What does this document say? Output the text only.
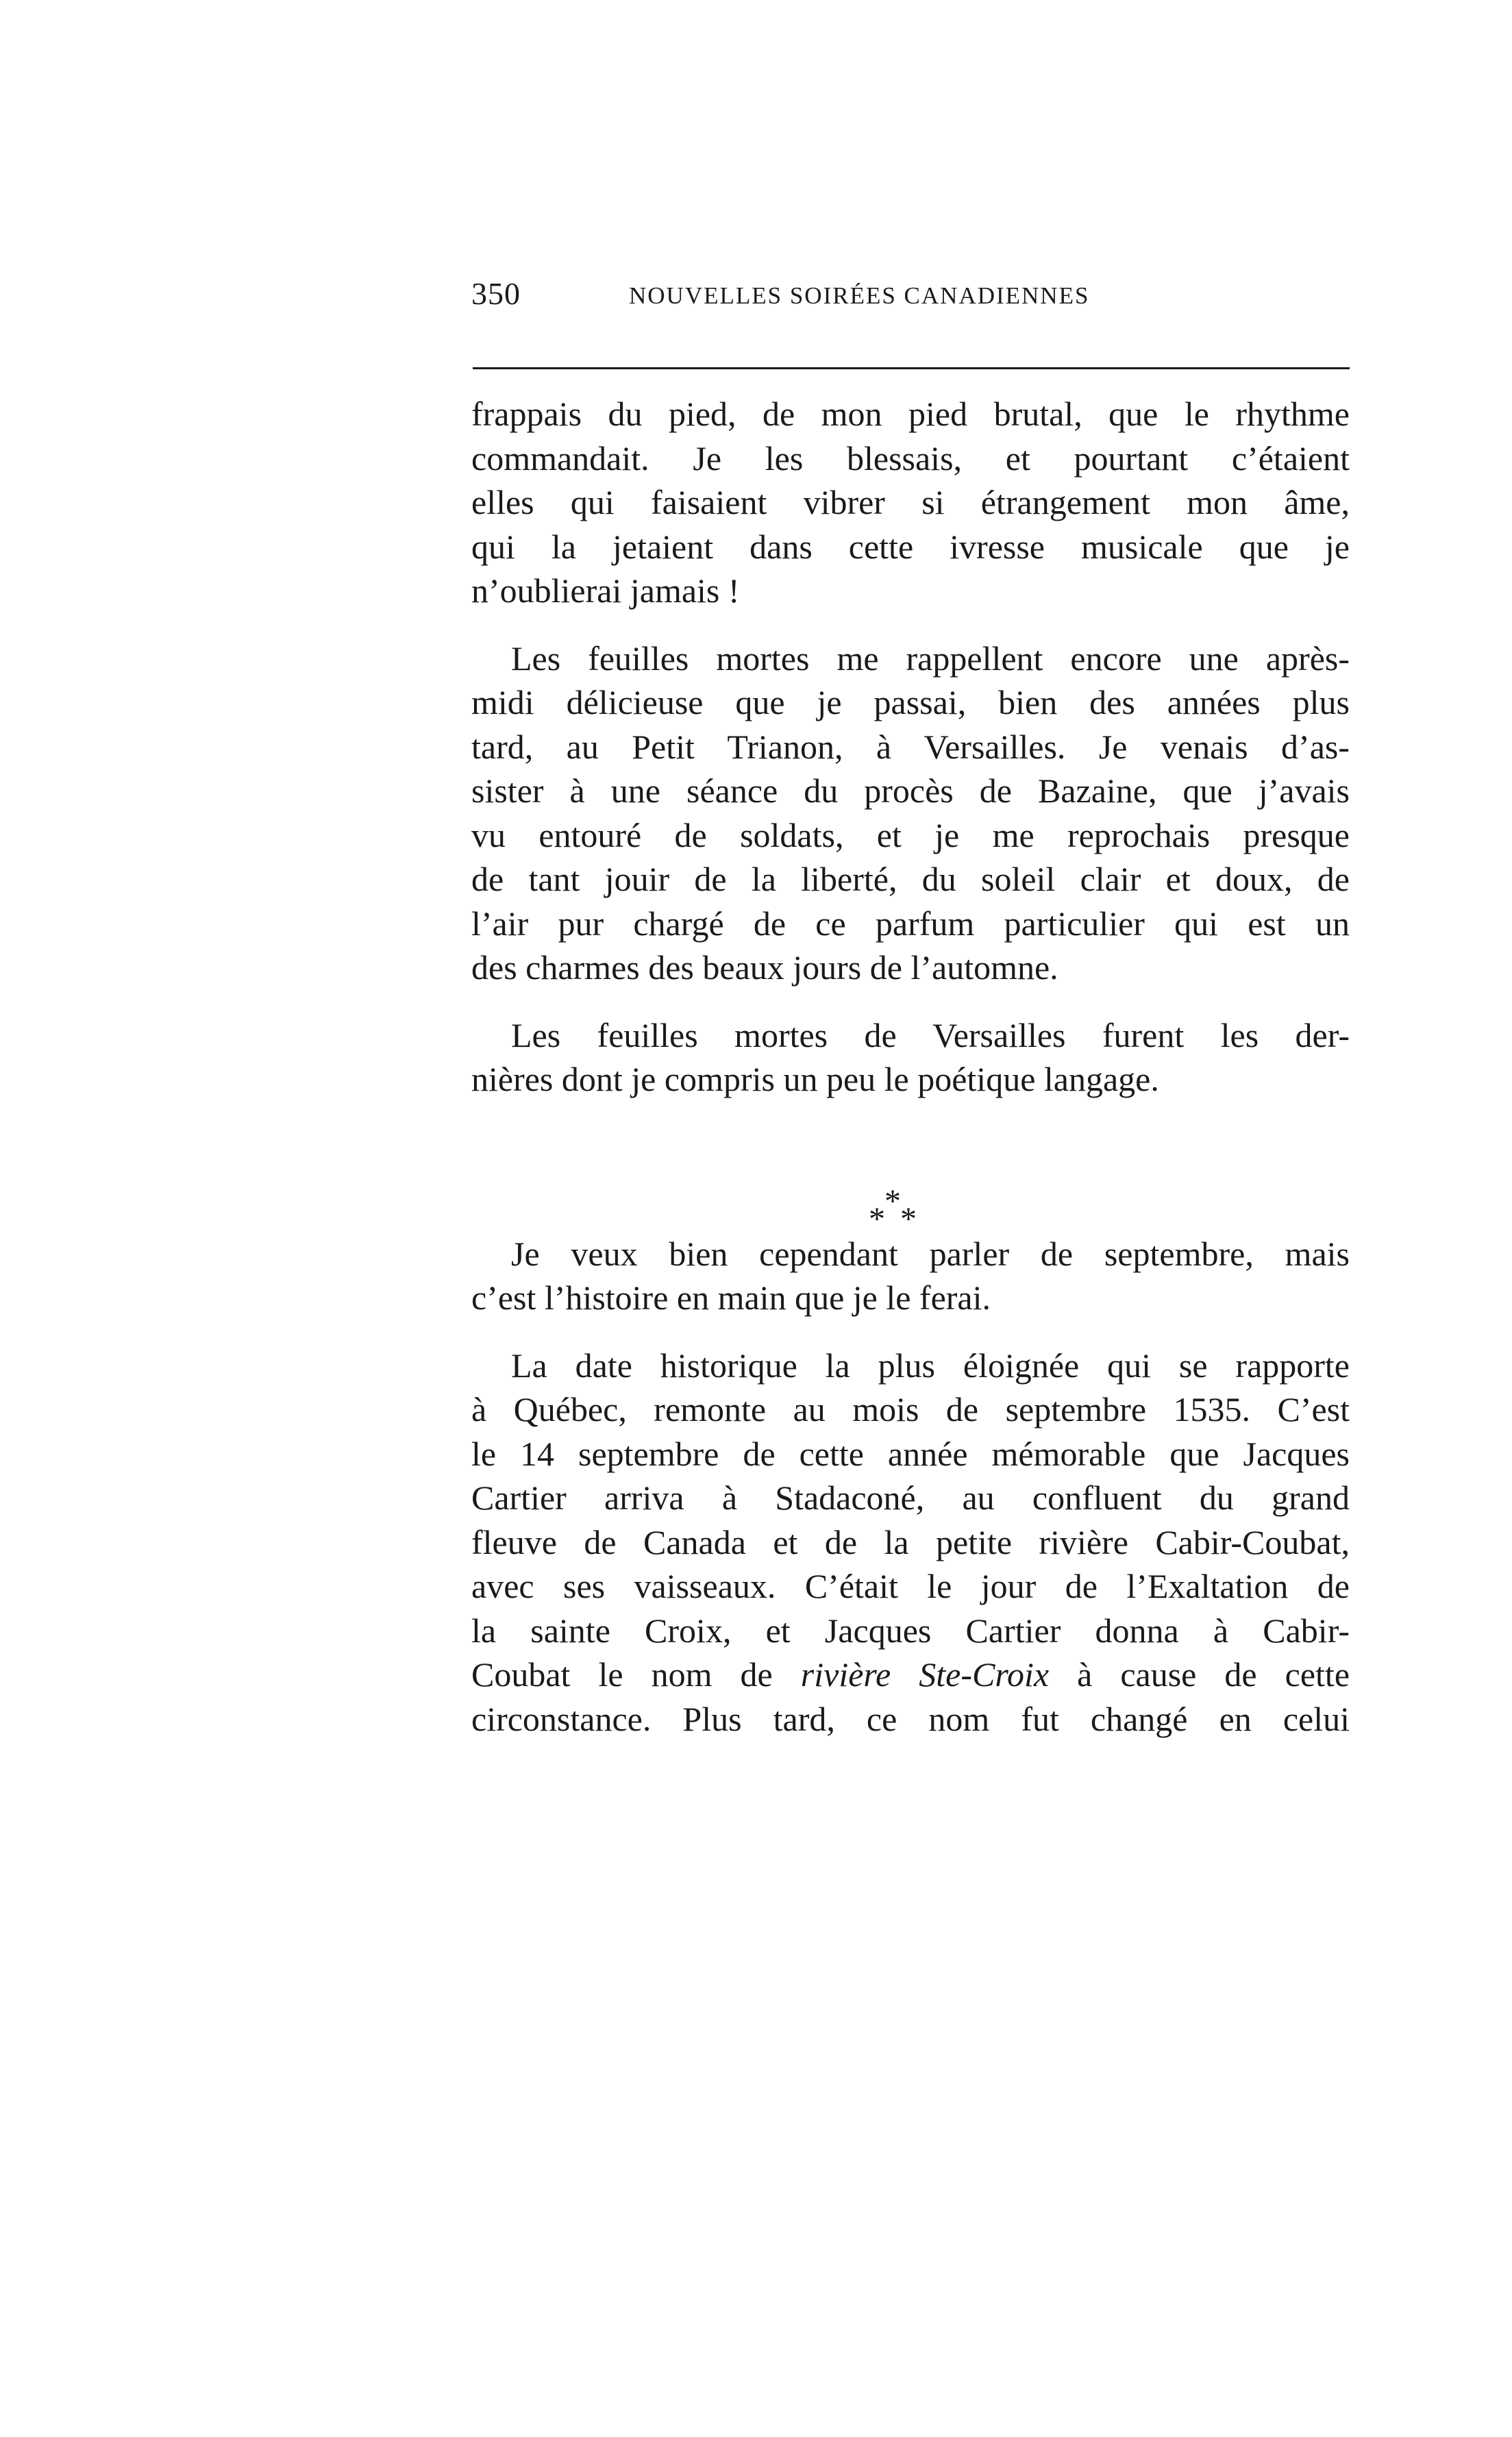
350	NOUVELLES SOIRÉES CANADIENNES

frappais du pied, de mon pied brutal, que le rhythme
commandait. Je les blessais, et pourtant c’étaient
elles qui faisaient vibrer si étrangement mon âme,
qui la jetaient dans cette ivresse musicale que je
n’oublierai jamais !

Les feuilles mortes me rappellent encore une après-
midi délicieuse que je passai, bien des années plus
tard, au Petit Trianon, à Versailles. Je venais d’as-
sister à une séance du procès de Bazaine, que j’avais
vu entouré de soldats, et je me reprochais presque
de tant jouir de la liberté, du soleil clair et doux, de
l’air pur chargé de ce parfum particulier qui est un
des charmes des beaux jours de l’automne.

Les feuilles mortes de Versailles furent les der-
nières dont je compris un peu le poétique langage.

*
* *

Je veux bien cependant parler de septembre, mais
c’est l’histoire en main que je le ferai.

La date historique la plus éloignée qui se rapporte
à Québec, remonte au mois de septembre 1535. C’est
le 14 septembre de cette année mémorable que Jacques
Cartier arriva à Stadaconé, au confluent du grand
fleuve de Canada et de la petite rivière Cabir-Coubat,
avec ses vaisseaux. C’était le jour de l’Exaltation de
la sainte Croix, et Jacques Cartier donna à Cabir-
Coubat le nom de rivière Ste-Croix à cause de cette
circonstance. Plus tard, ce nom fut changé en celui
